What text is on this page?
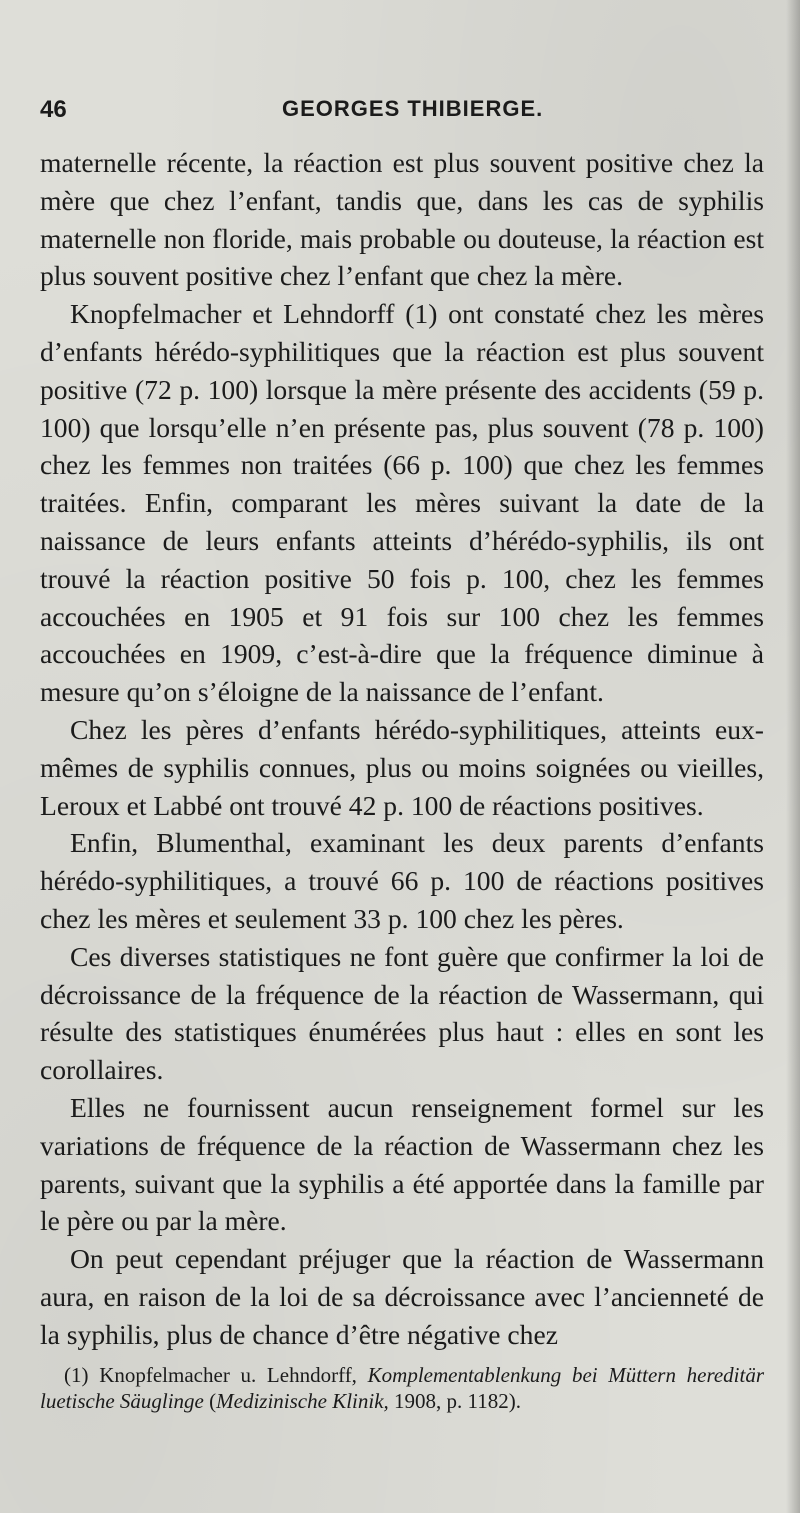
46	GEORGES THIBIERGE.

maternelle récente, la réaction est plus souvent positive chez la mère que chez l’enfant, tandis que, dans les cas de syphilis maternelle non floride, mais probable ou douteuse, la réaction est plus souvent positive chez l’enfant que chez la mère.

Knopfelmacher et Lehndorff (1) ont constaté chez les mères d’enfants hérédo-syphilitiques que la réaction est plus souvent positive (72 p. 100) lorsque la mère présente des accidents (59 p. 100) que lorsqu’elle n’en présente pas, plus souvent (78 p. 100) chez les femmes non traitées (66 p. 100) que chez les femmes traitées. Enfin, comparant les mères suivant la date de la naissance de leurs enfants atteints d’hérédo-syphilis, ils ont trouvé la réaction positive 50 fois p. 100, chez les femmes accouchées en 1905 et 91 fois sur 100 chez les femmes accouchées en 1909, c’est-à-dire que la fréquence diminue à mesure qu’on s’éloigne de la naissance de l’enfant.

Chez les pères d’enfants hérédo-syphilitiques, atteints eux-mêmes de syphilis connues, plus ou moins soignées ou vieilles, Leroux et Labbé ont trouvé 42 p. 100 de réactions positives.

Enfin, Blumenthal, examinant les deux parents d’enfants hérédo-syphilitiques, a trouvé 66 p. 100 de réactions positives chez les mères et seulement 33 p. 100 chez les pères.

Ces diverses statistiques ne font guère que confirmer la loi de décroissance de la fréquence de la réaction de Wassermann, qui résulte des statistiques énumérées plus haut : elles en sont les corollaires.

Elles ne fournissent aucun renseignement formel sur les variations de fréquence de la réaction de Wassermann chez les parents, suivant que la syphilis a été apportée dans la famille par le père ou par la mère.

On peut cependant préjuger que la réaction de Wassermann aura, en raison de la loi de sa décroissance avec l’ancienneté de la syphilis, plus de chance d’être négative chez

(1) Knopfelmacher u. Lehndorff, Komplementablenkung bei Müttern hereditär luetische Säuglinge (Medizinische Klinik, 1908, p. 1182).
